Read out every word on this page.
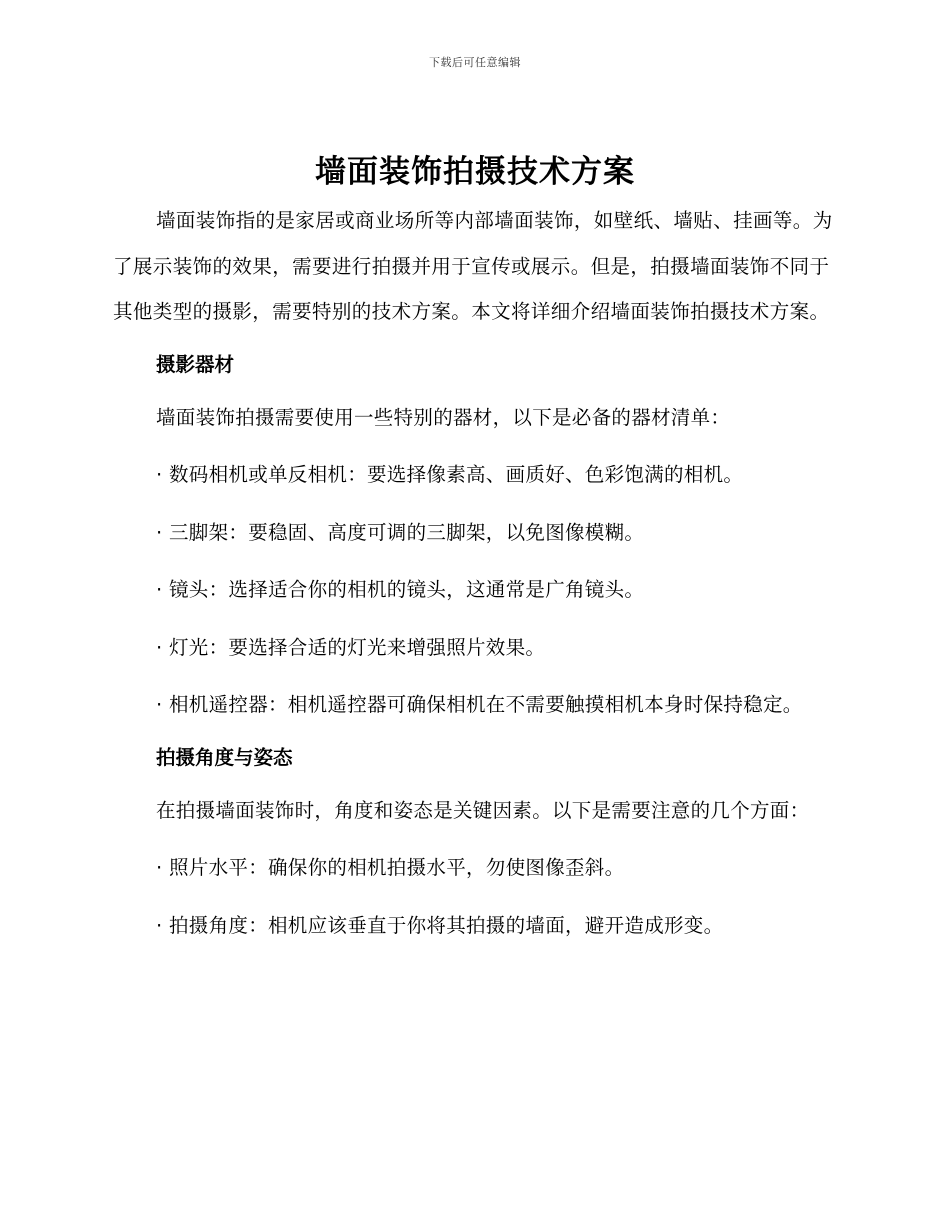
下载后可任意编辑
墙面装饰拍摄技术方案

墙面装饰指的是家居或商业场所等内部墙面装饰，如壁纸、墙贴、挂画等。为了展示装饰的效果，需要进行拍摄并用于宣传或展示。但是，拍摄墙面装饰不同于其他类型的摄影，需要特别的技术方案。本文将详细介绍墙面装饰拍摄技术方案。

摄影器材

墙面装饰拍摄需要使用一些特别的器材，以下是必备的器材清单：

· 数码相机或单反相机：要选择像素高、画质好、色彩饱满的相机。

· 三脚架：要稳固、高度可调的三脚架，以免图像模糊。

· 镜头：选择适合你的相机的镜头，这通常是广角镜头。

· 灯光：要选择合适的灯光来增强照片效果。

· 相机遥控器：相机遥控器可确保相机在不需要触摸相机本身时保持稳定。

拍摄角度与姿态

在拍摄墙面装饰时，角度和姿态是关键因素。以下是需要注意的几个方面：

· 照片水平：确保你的相机拍摄水平，勿使图像歪斜。

· 拍摄角度：相机应该垂直于你将其拍摄的墙面，避开造成形变。
